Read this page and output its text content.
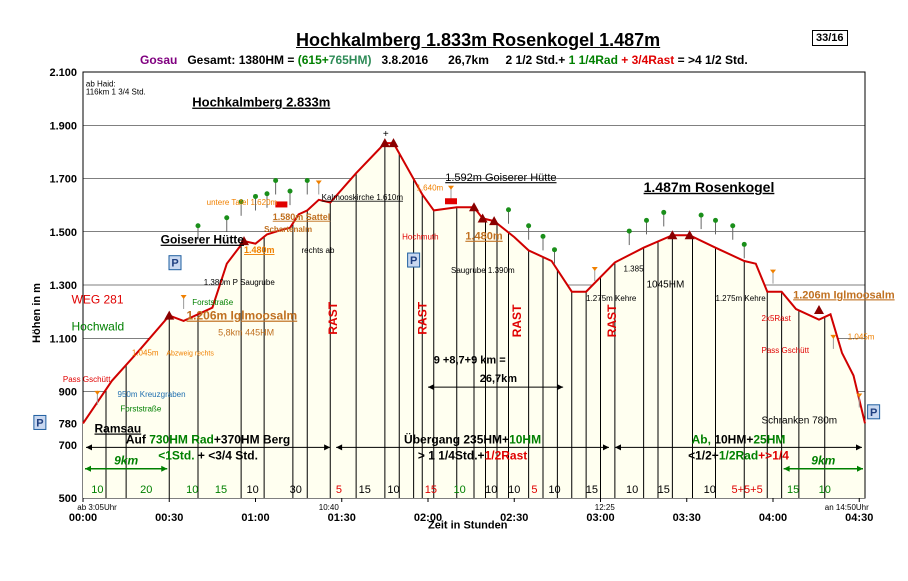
Hochkalmberg 1.833m Rosenkogel 1.487m
Gosau   Gesamt: 1380HM = (615+765HM)   3.8.2016      26,7km     2 1/2 Std.+ 1 1/4Rad + 3/4Rast = >4 1/2 Std.
33/16
500
700
780
900
1.100
1.300
1.500
1.700
1.900
2.100
00:00	00:30	01:00	01:30	02:00	02:30	03:00	03:30	04:00	04:30
Höhen in m
+
P
P
P	P
10	20	10 15 10	30	5 15 10 15 10 10 10 5 10 15	10 15	10 5+5+5 15 10
RAST	RAST	RAST	RAST
ab Haid:
116km 1 3/4 Std.
Hochkalmberg 2.833m
Goiserer Hütte
WEG 281
Hochwald
Pass Gschütt
950m Kreuzgraben
Forststraße
Ramsau
1.045m Abzweig rechts
1.206m Iglmoosalm
5,8km 445HM
Forststraße
1.380m P Saugrube
untere Tafel 1.620m
1.580m Sattel
Schartenalm
1.480m	rechts ab
Kalmooskirche 1.610m
1.640m
Hochmuth
1.592m Goiserer Hütte
1.480m
Saugrube 1.390m
1.275m Kehre
1.385
1045HM
1.487m Rosenkogel
1.275m Kehre 1.206m Iglmoosalm
2x5Rast
Pass Gschütt
1.045m
Schranken 780m
9 +8,7+9 km =
26,7km
ab 3:05Uhr	10:40	12:25	an 14:50Uhr
Zeit in Stunden
Auf 730HM Rad+370HM Berg
<1Std. + <3/4 Std.
Übergang 235HM+10HM
> 1 1/4Std.+1/2Rast
Ab, 10HM+25HM
<1/2+1/2Rad+>1/4
9km	9km
